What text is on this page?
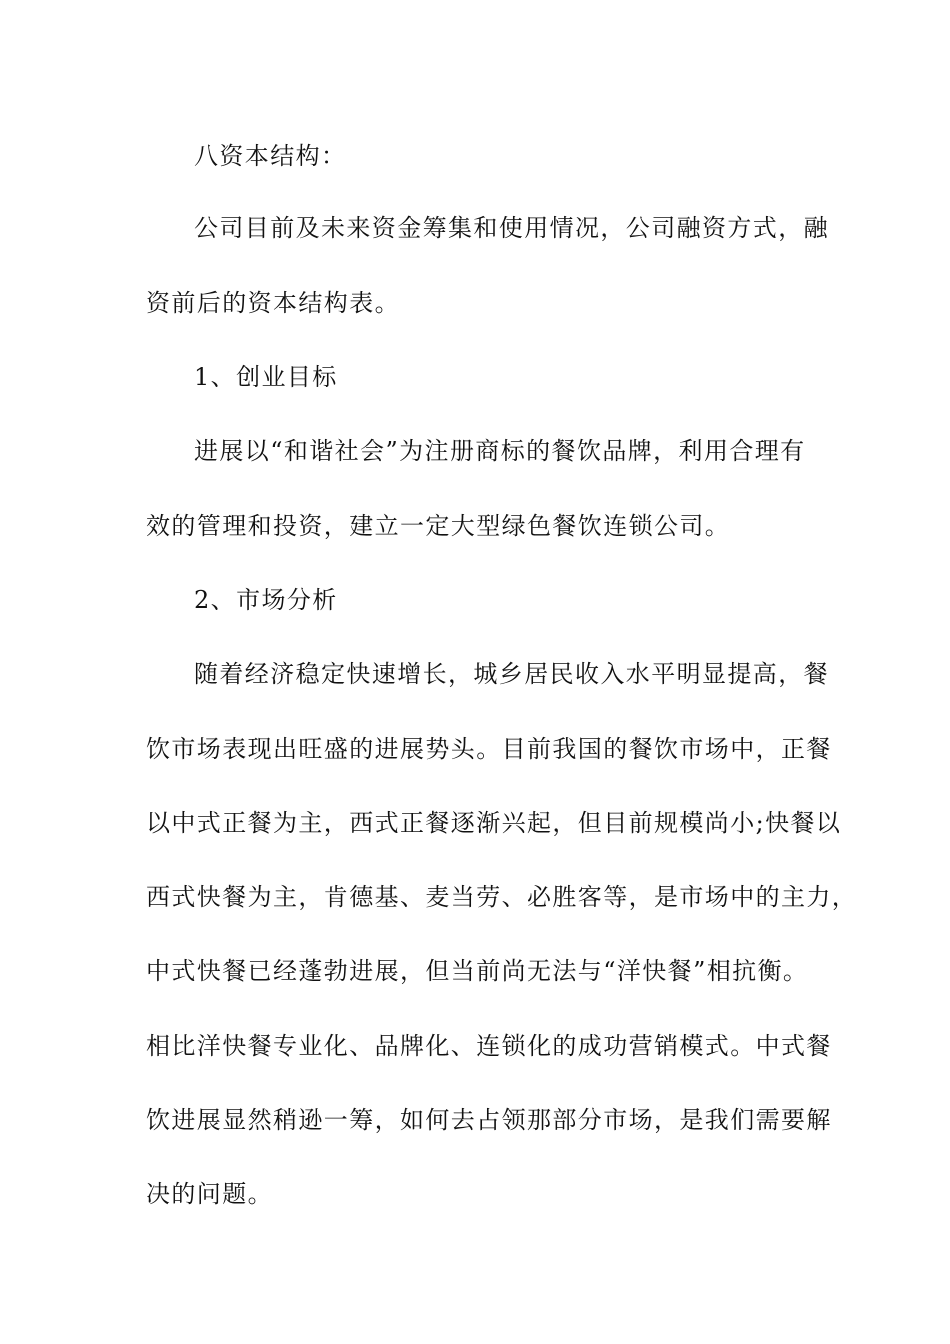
八资本结构：
公司目前及未来资金筹集和使用情况，公司融资方式，融
资前后的资本结构表。
1、创业目标
进展以“和谐社会”为注册商标的餐饮品牌，利用合理有
效的管理和投资，建立一定大型绿色餐饮连锁公司。
2、市场分析
随着经济稳定快速增长，城乡居民收入水平明显提高，餐
饮市场表现出旺盛的进展势头。目前我国的餐饮市场中，正餐
以中式正餐为主，西式正餐逐渐兴起，但目前规模尚小;快餐以
西式快餐为主，肯德基、麦当劳、必胜客等，是市场中的主力，
中式快餐已经蓬勃进展，但当前尚无法与“洋快餐”相抗衡。
相比洋快餐专业化、品牌化、连锁化的成功营销模式。中式餐
饮进展显然稍逊一筹，如何去占领那部分市场，是我们需要解
决的问题。
